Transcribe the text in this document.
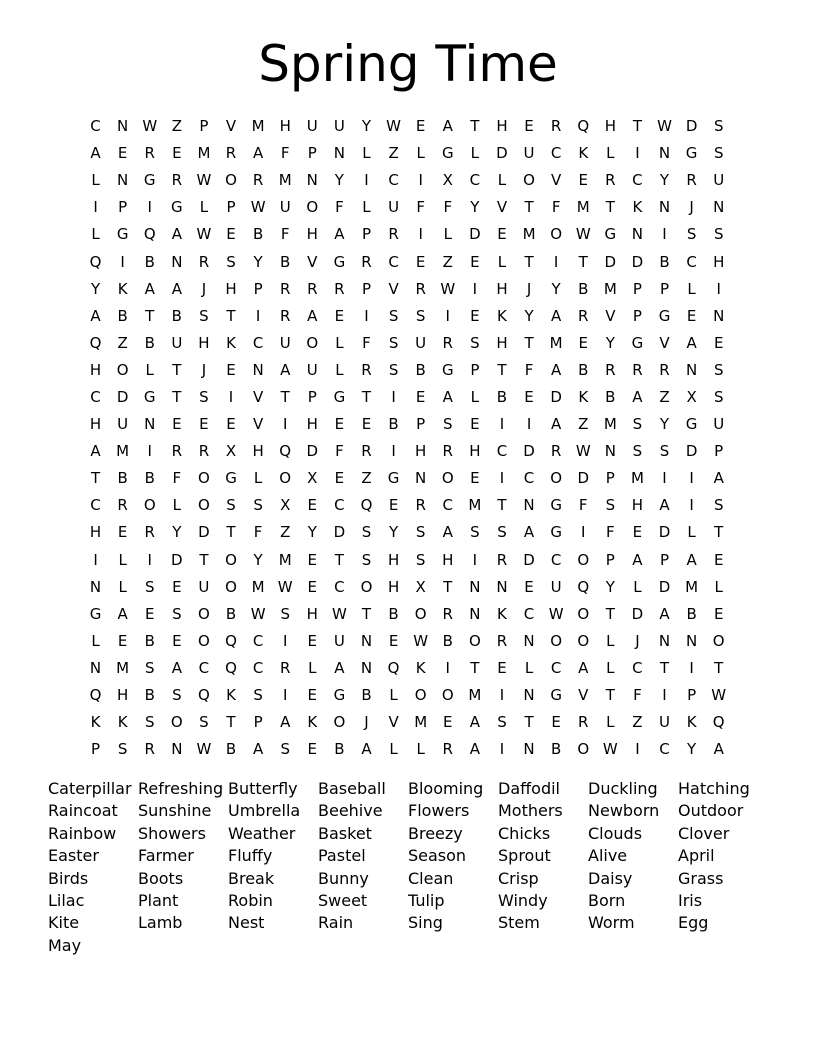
Spring Time
C	N W Z	P	V	M H	U	U	Y	W E	A	T	H	E	R	Q	H	T	W D	S
A	E	R	E	M	R	A	F	P	N	L	Z	L	G	L	D	U	C	K	L	I	N	G	S
L	N	G	R W O	R	M	N	Y	I	C	I	X	C	L	O	V	E	R	C	Y	R	U
I	P	I	G	L	P	W U	O	F	L	U	F	F	Y	V	T	F	M	T	K	N	J	N
L	G	Q	A W E	B	F	H	A	P	R	I	L	D	E	M O W G	N	I	S	S
Q	I	B	N	R	S	Y	B	V	G	R	C	E	Z	E	L	T	I	T	D	D	B	C	H
Y	K	A	A	J	H	P	R	R	R	P	V	R W	I	H	J	Y	B	M	P	P	L	I
A	B	T	B	S	T	I	R	A	E	I	S	S	I	E	K	Y	A	R	V	P	G	E	N
Q	Z	B	U	H	K	C	U	O	L	F	S	U	R	S	H	T	M	E	Y	G	V	A	E
H	O	L	T	J	E	N	A	U	L	R	S	B	G	P	T	F	A	B	R	R	R	N	S
C	D	G	T	S	I	V	T	P	G	T	I	E	A	L	B	E	D	K	B	A	Z	X	S
H	U	N	E	E	E	V	I	H	E	E	B	P	S	E	I	I	A	Z	M	S	Y	G	U
A	M	I	R	R	X	H	Q	D	F	R	I	H	R	H	C	D	R W N	S	S	D	P
T	B	B	F	O	G	L	O	X	E	Z	G	N	O	E	I	C	O	D	P	M	I	I	A
C	R	O	L	O	S	S	X	E	C	Q	E	R	C	M	T	N	G	F	S	H	A	I	S
H	E	R	Y	D	T	F	Z	Y	D	S	Y	S	A	S	S	A	G	I	F	E	D	L	T
I	L	I	D	T	O	Y	M	E	T	S	H	S	H	I	R	D	C	O	P	A	P	A	E
N	L	S	E	U	O M W E	C	O	H	X	T	N	N	E	U	Q	Y	L	D M	L
G	A	E	S	O	B W S	H W	T	B	O	R	N	K	C W O	T	D	A	B	E
L	E	B	E	O	Q	C	I	E	U	N	E W B	O	R	N	O	O	L	J	N	N	O
N	M	S	A	C	Q	C	R	L	A	N	Q	K	I	T	E	L	C	A	L	C	T	I	T
Q	H	B	S	Q	K	S	I	E	G	B	L	O	O M	I	N	G	V	T	F	I	P	W
K	K	S	O	S	T	P	A	K	O	J	V	M	E	A	S	T	E	R	L	Z	U	K	Q
P	S	R	N W B	A	S	E	B	A	L	L	R	A	I	N	B	O W	I	C	Y	A
Caterpillar Refreshing Butterfly	Baseball	Blooming Daffodil	Duckling	Hatching
Raincoat	Sunshine	Umbrella	Beehive	Flowers	Mothers	Newborn	Outdoor
Rainbow	Showers	Weather	Basket	Breezy	Chicks	Clouds	Clover
Easter	Farmer	Fluffy	Pastel	Season	Sprout	Alive	April
Birds	Boots	Break	Bunny	Clean	Crisp	Daisy	Grass
Lilac	Plant	Robin	Sweet	Tulip	Windy	Born	Iris
Kite	Lamb	Nest	Rain	Sing	Stem	Worm	Egg
May
